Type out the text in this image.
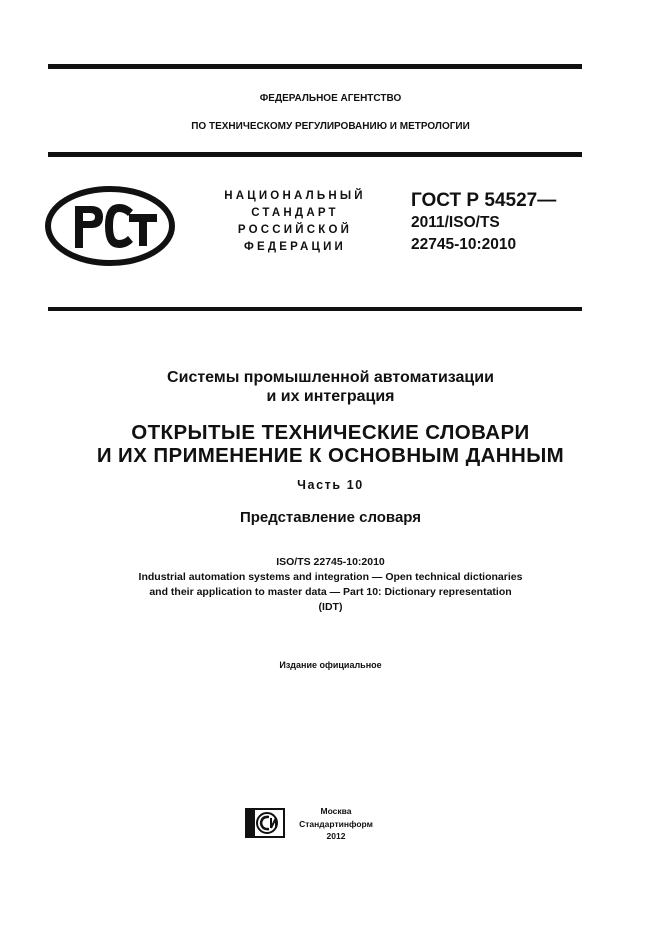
ФЕДЕРАЛЬНОЕ АГЕНТСТВО
ПО ТЕХНИЧЕСКОМУ РЕГУЛИРОВАНИЮ И МЕТРОЛОГИИ
НАЦИОНАЛЬНЫЙ
СТАНДАРТ
РОССИЙСКОЙ
ФЕДЕРАЦИИ
ГОСТ Р 54527—
2011/ISO/TS
22745-10:2010
Системы промышленной автоматизации
и их интеграция
ОТКРЫТЫЕ ТЕХНИЧЕСКИЕ СЛОВАРИ
И ИХ ПРИМЕНЕНИЕ К ОСНОВНЫМ ДАННЫМ
Часть 10
Представление словаря
ISO/TS 22745-10:2010
Industrial automation systems and integration — Open technical dictionaries
and their application to master data — Part 10: Dictionary representation
(IDT)
Издание официальное
Москва
Стандартинформ
2012
